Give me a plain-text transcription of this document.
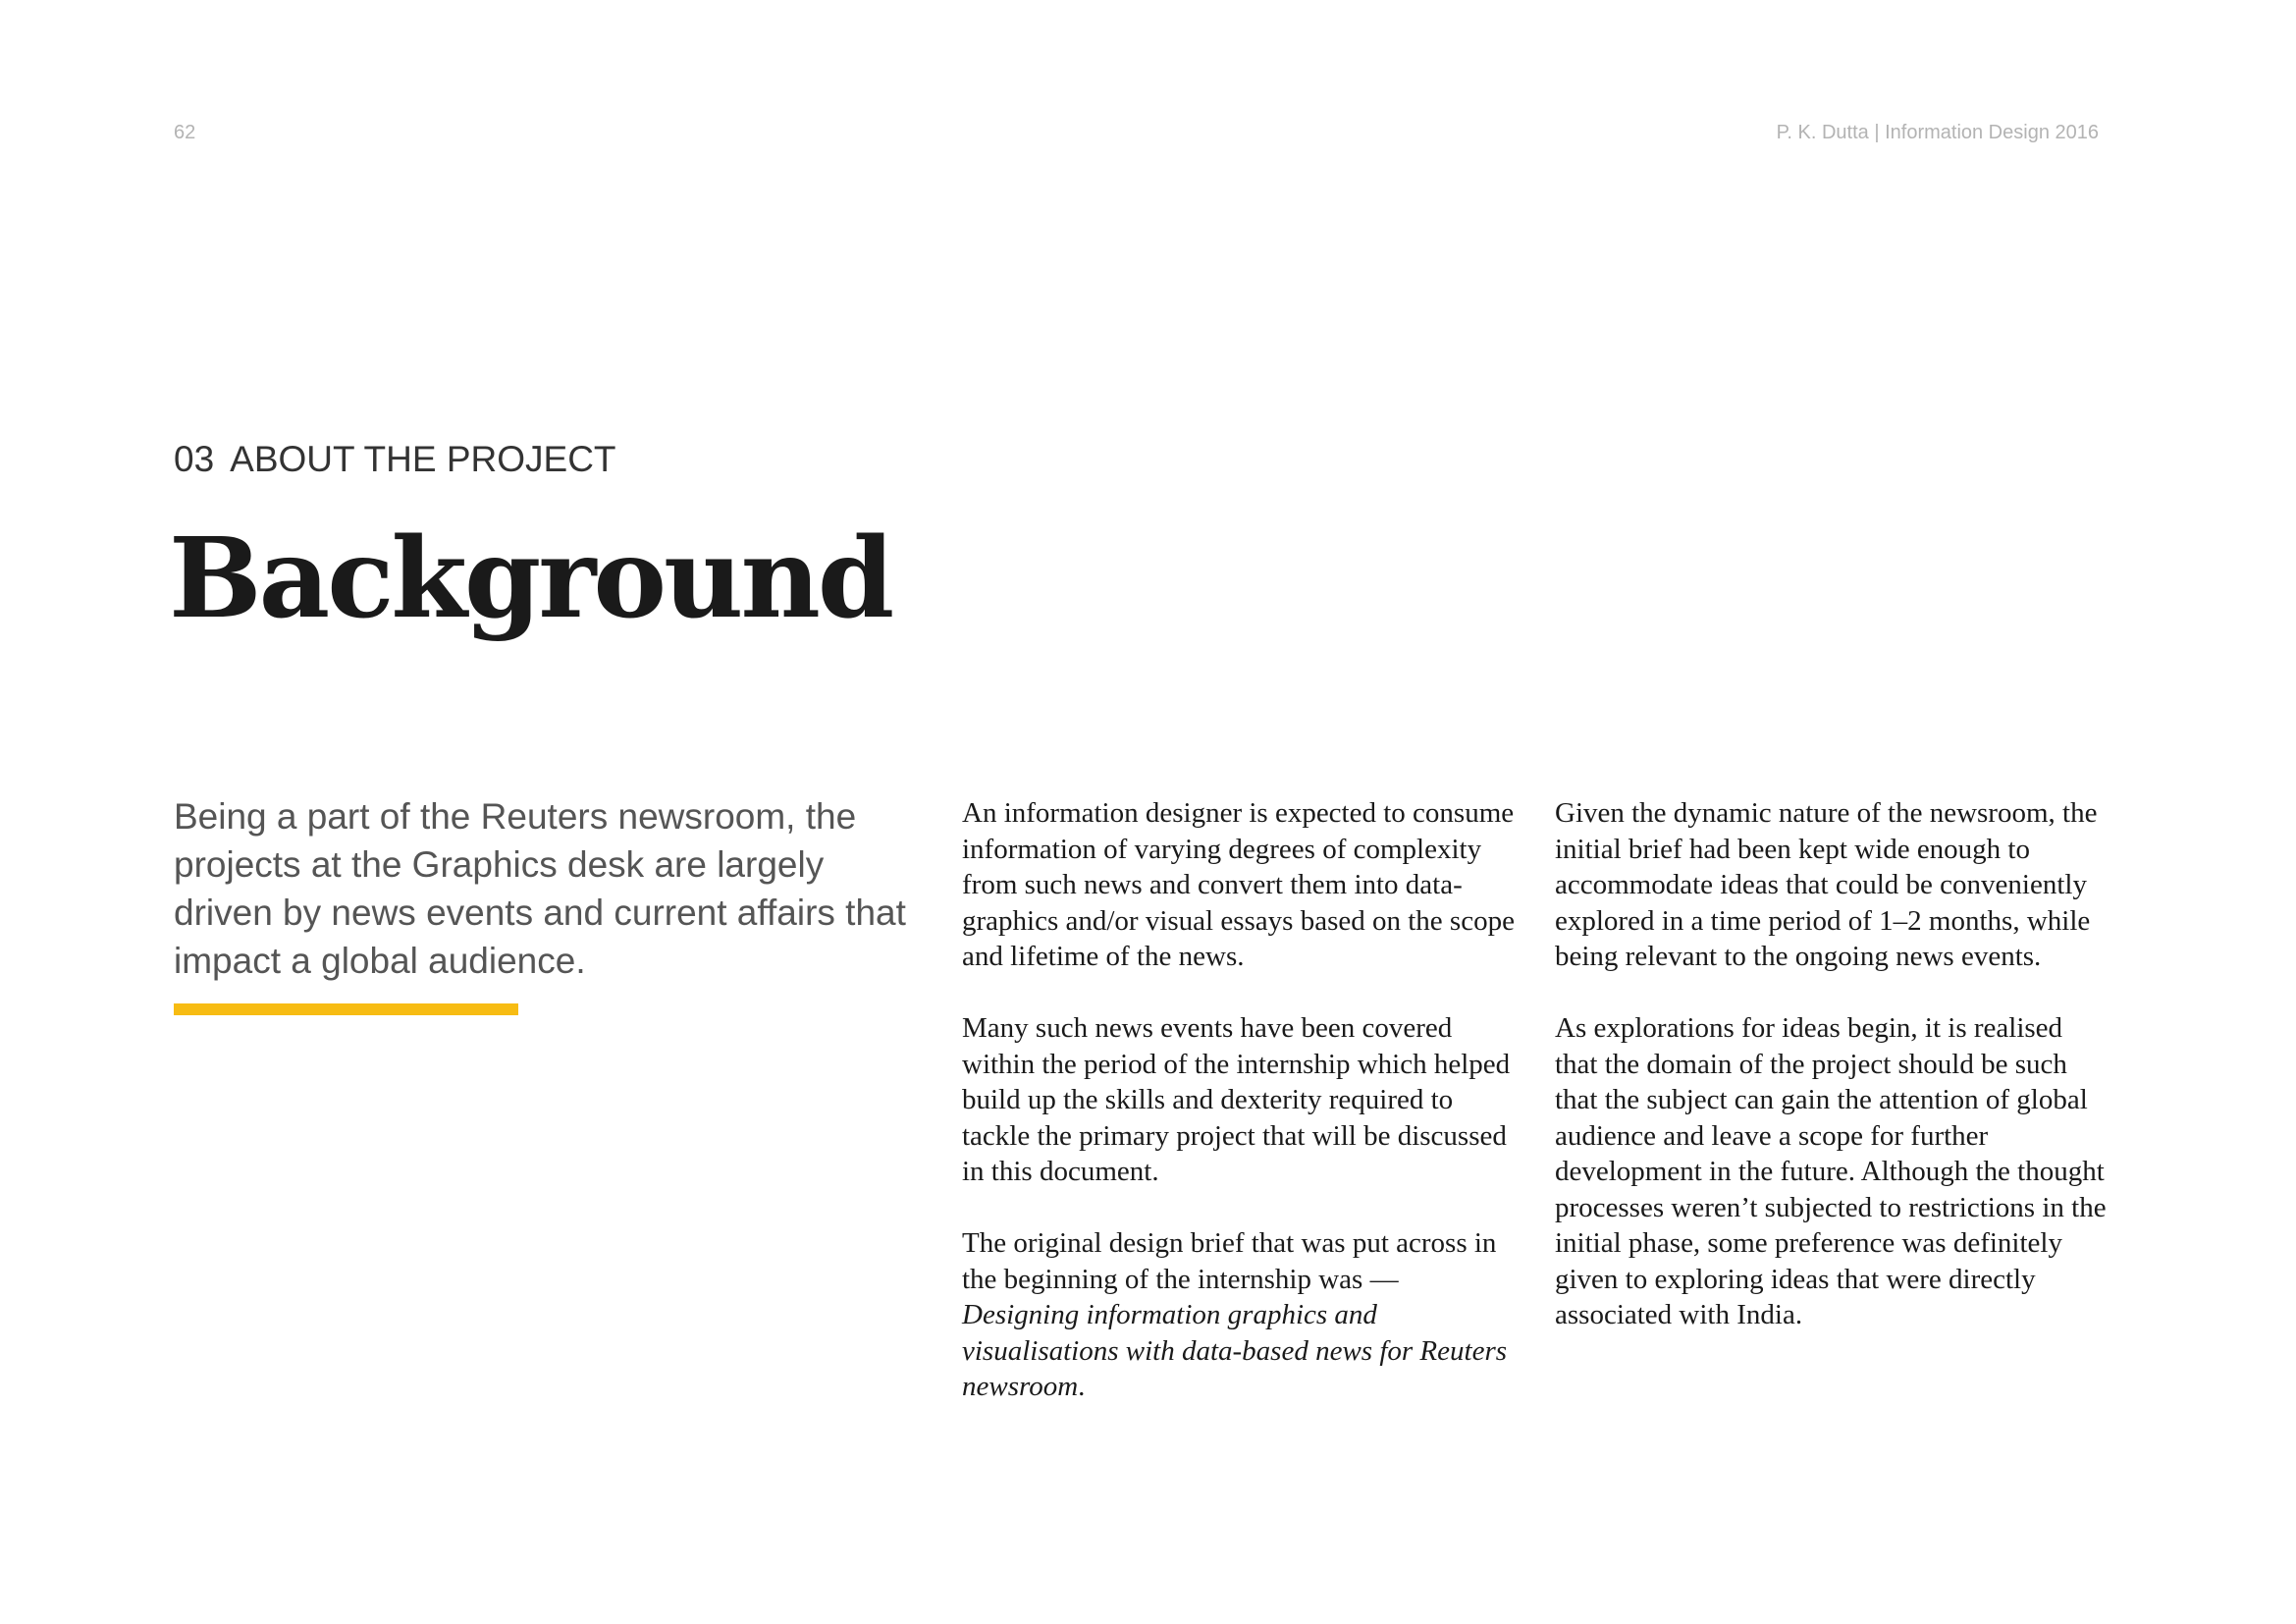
62	P. K. Dutta | Information Design 2016
03 ABOUT THE PROJECT
Background

Being a part of the Reuters newsroom, the projects at the Graphics desk are largely driven by news events and current affairs that impact a global audience.

An information designer is expected to consume information of varying degrees of complexity from such news and convert them into data-graphics and/or visual essays based on the scope and lifetime of the news.

Many such news events have been covered within the period of the internship which helped build up the skills and dexterity required to tackle the primary project that will be discussed in this document.

The original design brief that was put across in the beginning of the internship was — Designing information graphics and visualisations with data-based news for Reuters newsroom.

Given the dynamic nature of the newsroom, the initial brief had been kept wide enough to accommodate ideas that could be conveniently explored in a time period of 1–2 months, while being relevant to the ongoing news events.

As explorations for ideas begin, it is realised that the domain of the project should be such that the subject can gain the attention of global audience and leave a scope for further development in the future. Although the thought processes weren’t subjected to restrictions in the initial phase, some preference was definitely given to exploring ideas that were directly associated with India.
